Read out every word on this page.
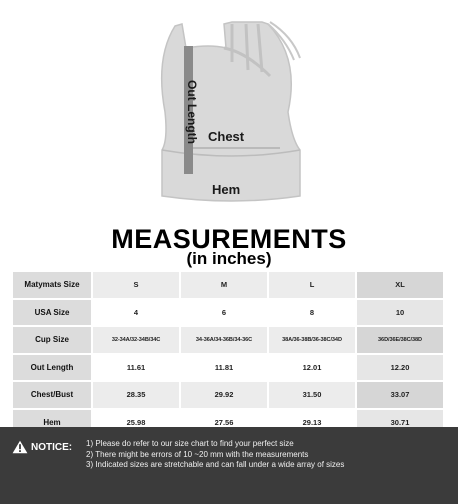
Out Length Chest
Hem
MEASUREMENTS
(in inches)
Matymats Size	S	M	L	XL
USA Size	4	6	8	10
Cup Size	32-34A/32-34B/34C	34-36A/34-36B/34-36C	38A/36-38B/36-38C/34D	36D/36E/38C/38D
Out Length	11.61	11.81	12.01	12.20
Chest/Bust	28.35	29.92	31.50	33.07
Hem	25.98	27.56	29.13	30.71
NOTICE: 1) Please do refer to our size chart to find your perfect size
2) There might be errors of 10 ~20 mm with the measurements
3) Indicated sizes are stretchable and can fall under a wide array of sizes
